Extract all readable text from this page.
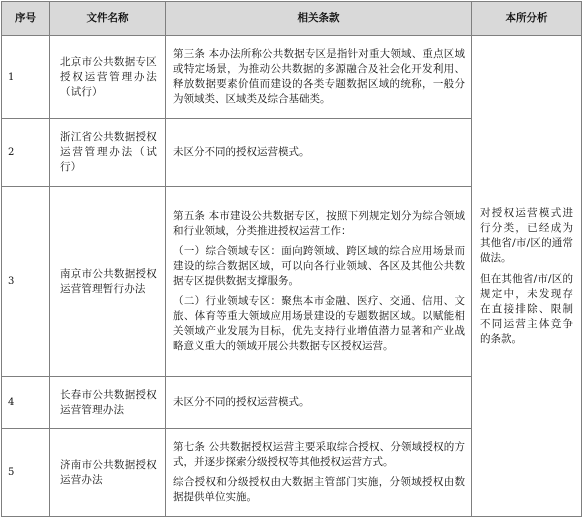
序号	文件名称	相关条款	本所分析
1	北京市公共数据专区授权运营管理办法（试行）	第三条 本办法所称公共数据专区是指针对重大领域、重点区域或特定场景，为推动公共数据的多源融合及社会化开发利用、释放数据要素价值而建设的各类专题数据区域的统称，一般分为领域类、区域类及综合基础类。	对授权运营模式进行分类，已经成为其他省/市/区的通常做法。

但在其他省/市/区的规定中，未发现存在直接排除、限制不同运营主体竞争的条款。

2	浙江省公共数据授权运营管理办法（试行）	未区分不同的授权运营模式。	

3	南京市公共数据授权运营管理暂行办法	第五条 本市建设公共数据专区，按照下列规定划分为综合领域和行业领域，分类推进授权运营工作：

（一）综合领域专区：面向跨领域、跨区域的综合应用场景而建设的综合数据区域，可以向各行业领域、各区及其他公共数据专区提供数据支撑服务。

（二）行业领域专区：聚焦本市金融、医疗、交通、信用、文旅、体育等重大领域应用场景建设的专题数据区域。以赋能相关领域产业发展为目标，优先支持行业增值潜力显著和产业战略意义重大的领域开展公共数据专区授权运营。	

4	长春市公共数据授权运营管理办法	未区分不同的授权运营模式。	

5	济南市公共数据授权运营办法	第七条 公共数据授权运营主要采取综合授权、分领域授权的方式，并逐步探索分级授权等其他授权运营方式。

综合授权和分级授权由大数据主管部门实施，分领域授权由数据提供单位实施。	
